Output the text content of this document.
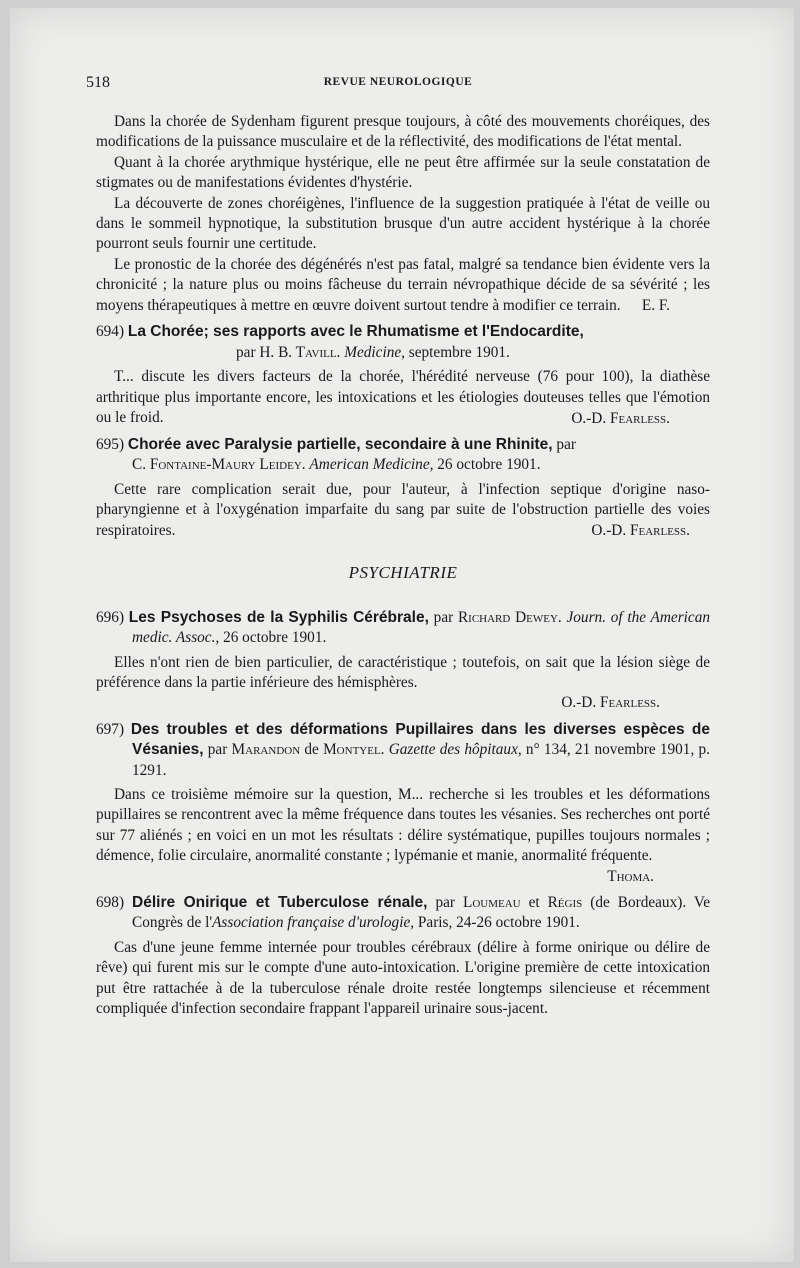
518	REVUE NEUROLOGIQUE

Dans la chorée de Sydenham figurent presque toujours, à côté des mouvements choréiques, des modifications de la puissance musculaire et de la réflectivité, des modifications de l'état mental.

Quant à la chorée arythmique hystérique, elle ne peut être affirmée sur la seule constatation de stigmates ou de manifestations évidentes d'hystérie.

La découverte de zones choréigènes, l'influence de la suggestion pratiquée à l'état de veille ou dans le sommeil hypnotique, la substitution brusque d'un autre accident hystérique à la chorée pourront seuls fournir une certitude.

Le pronostic de la chorée des dégénérés n'est pas fatal, malgré sa tendance bien évidente vers la chronicité ; la nature plus ou moins fâcheuse du terrain névropathique décide de sa sévérité ; les moyens thérapeutiques à mettre en œuvre doivent surtout tendre à modifier ce terrain.	E. F.
694) La Chorée; ses rapports avec le Rhumatisme et l'Endocardite,
par H. B. Tavill. Medicine, septembre 1901.

T... discute les divers facteurs de la chorée, l'hérédité nerveuse (76 pour 100), la diathèse arthritique plus importante encore, les intoxications et les étiologies douteuses telles que l'émotion ou le froid.	O.-D. Fearless.
695) Chorée avec Paralysie partielle, secondaire à une Rhinite, par
C. Fontaine-Maury Leidey. American Medicine, 26 octobre 1901.

Cette rare complication serait due, pour l'auteur, à l'infection septique d'origine naso-pharyngienne et à l'oxygénation imparfaite du sang par suite de l'obstruction partielle des voies respiratoires.	O.-D. Fearless.
PSYCHIATRIE
696) Les Psychoses de la Syphilis Cérébrale, par Richard Dewey. Journ. of the American medic. Assoc., 26 octobre 1901.

Elles n'ont rien de bien particulier, de caractéristique ; toutefois, on sait que la lésion siège de préférence dans la partie inférieure des hémisphères.

O.-D. Fearless.
697) Des troubles et des déformations Pupillaires dans les diverses espèces de Vésanies, par Marandon de Montyel. Gazette des hôpitaux, n° 134, 21 novembre 1901, p. 1291.

Dans ce troisième mémoire sur la question, M... recherche si les troubles et les déformations pupillaires se rencontrent avec la même fréquence dans toutes les vésanies. Ses recherches ont porté sur 77 aliénés ; en voici en un mot les résultats : délire systématique, pupilles toujours normales ; démence, folie circulaire, anormalité constante ; lypémanie et manie, anormalité fréquente.

Thoma.
698) Délire Onirique et Tuberculose rénale, par Loumeau et Régis (de Bordeaux). Ve Congrès de l'Association française d'urologie, Paris, 24-26 octobre 1901.

Cas d'une jeune femme internée pour troubles cérébraux (délire à forme onirique ou délire de rêve) qui furent mis sur le compte d'une auto-intoxication. L'origine première de cette intoxication put être rattachée à de la tuberculose rénale droite restée longtemps silencieuse et récemment compliquée d'infection secondaire frappant l'appareil urinaire sous-jacent.
